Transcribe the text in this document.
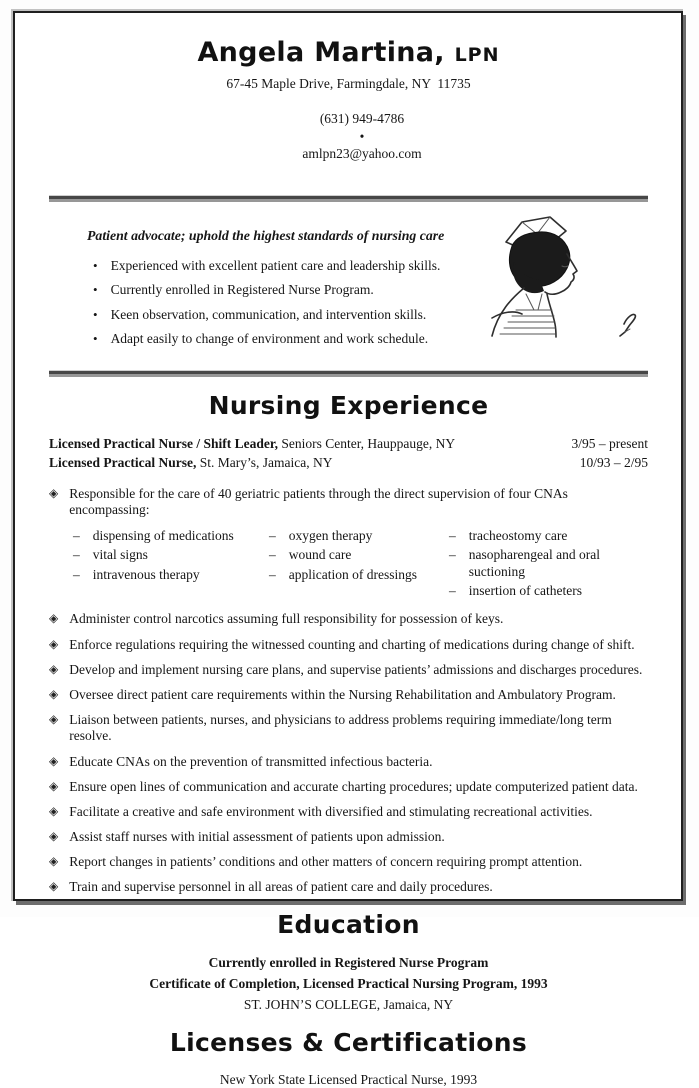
Angela Martina, LPN
67-45 Maple Drive, Farmingdale, NY  11735

(631) 949-4786
•
amlpn23@yahoo.com

Patient advocate; uphold the highest standards of nursing care

• Experienced with excellent patient care and leadership skills.
• Currently enrolled in Registered Nurse Program.
• Keen observation, communication, and intervention skills.
• Adapt easily to change of environment and work schedule.
Nursing Experience
Licensed Practical Nurse / Shift Leader, Seniors Center, Hauppauge, NY	3/95 – present
Licensed Practical Nurse, St. Mary’s, Jamaica, NY	10/93 – 2/95
◈ Responsible for the care of 40 geriatric patients through the direct supervision of four CNAs encompassing:
– dispensing of medications
– vital signs
– intravenous therapy
– oxygen therapy
– wound care
– application of dressings
– tracheostomy care
– nasopharengeal and oral suctioning
– insertion of catheters
◈ Administer control narcotics assuming full responsibility for possession of keys.
◈ Enforce regulations requiring the witnessed counting and charting of medications during change of shift.
◈ Develop and implement nursing care plans, and supervise patients’ admissions and discharges procedures.
◈ Oversee direct patient care requirements within the Nursing Rehabilitation and Ambulatory Program.
◈ Liaison between patients, nurses, and physicians to address problems requiring immediate/long term resolve.
◈ Educate CNAs on the prevention of transmitted infectious bacteria.
◈ Ensure open lines of communication and accurate charting procedures; update computerized patient data.
◈ Facilitate a creative and safe environment with diversified and stimulating recreational activities.
◈ Assist staff nurses with initial assessment of patients upon admission.
◈ Report changes in patients’ conditions and other matters of concern requiring prompt attention.
◈ Train and supervise personnel in all areas of patient care and daily procedures.
Education

Currently enrolled in Registered Nurse Program

Certificate of Completion, Licensed Practical Nursing Program, 1993

ST. JOHN’S COLLEGE, Jamaica, NY

Licenses & Certifications

New York State Licensed Practical Nurse, 1993
